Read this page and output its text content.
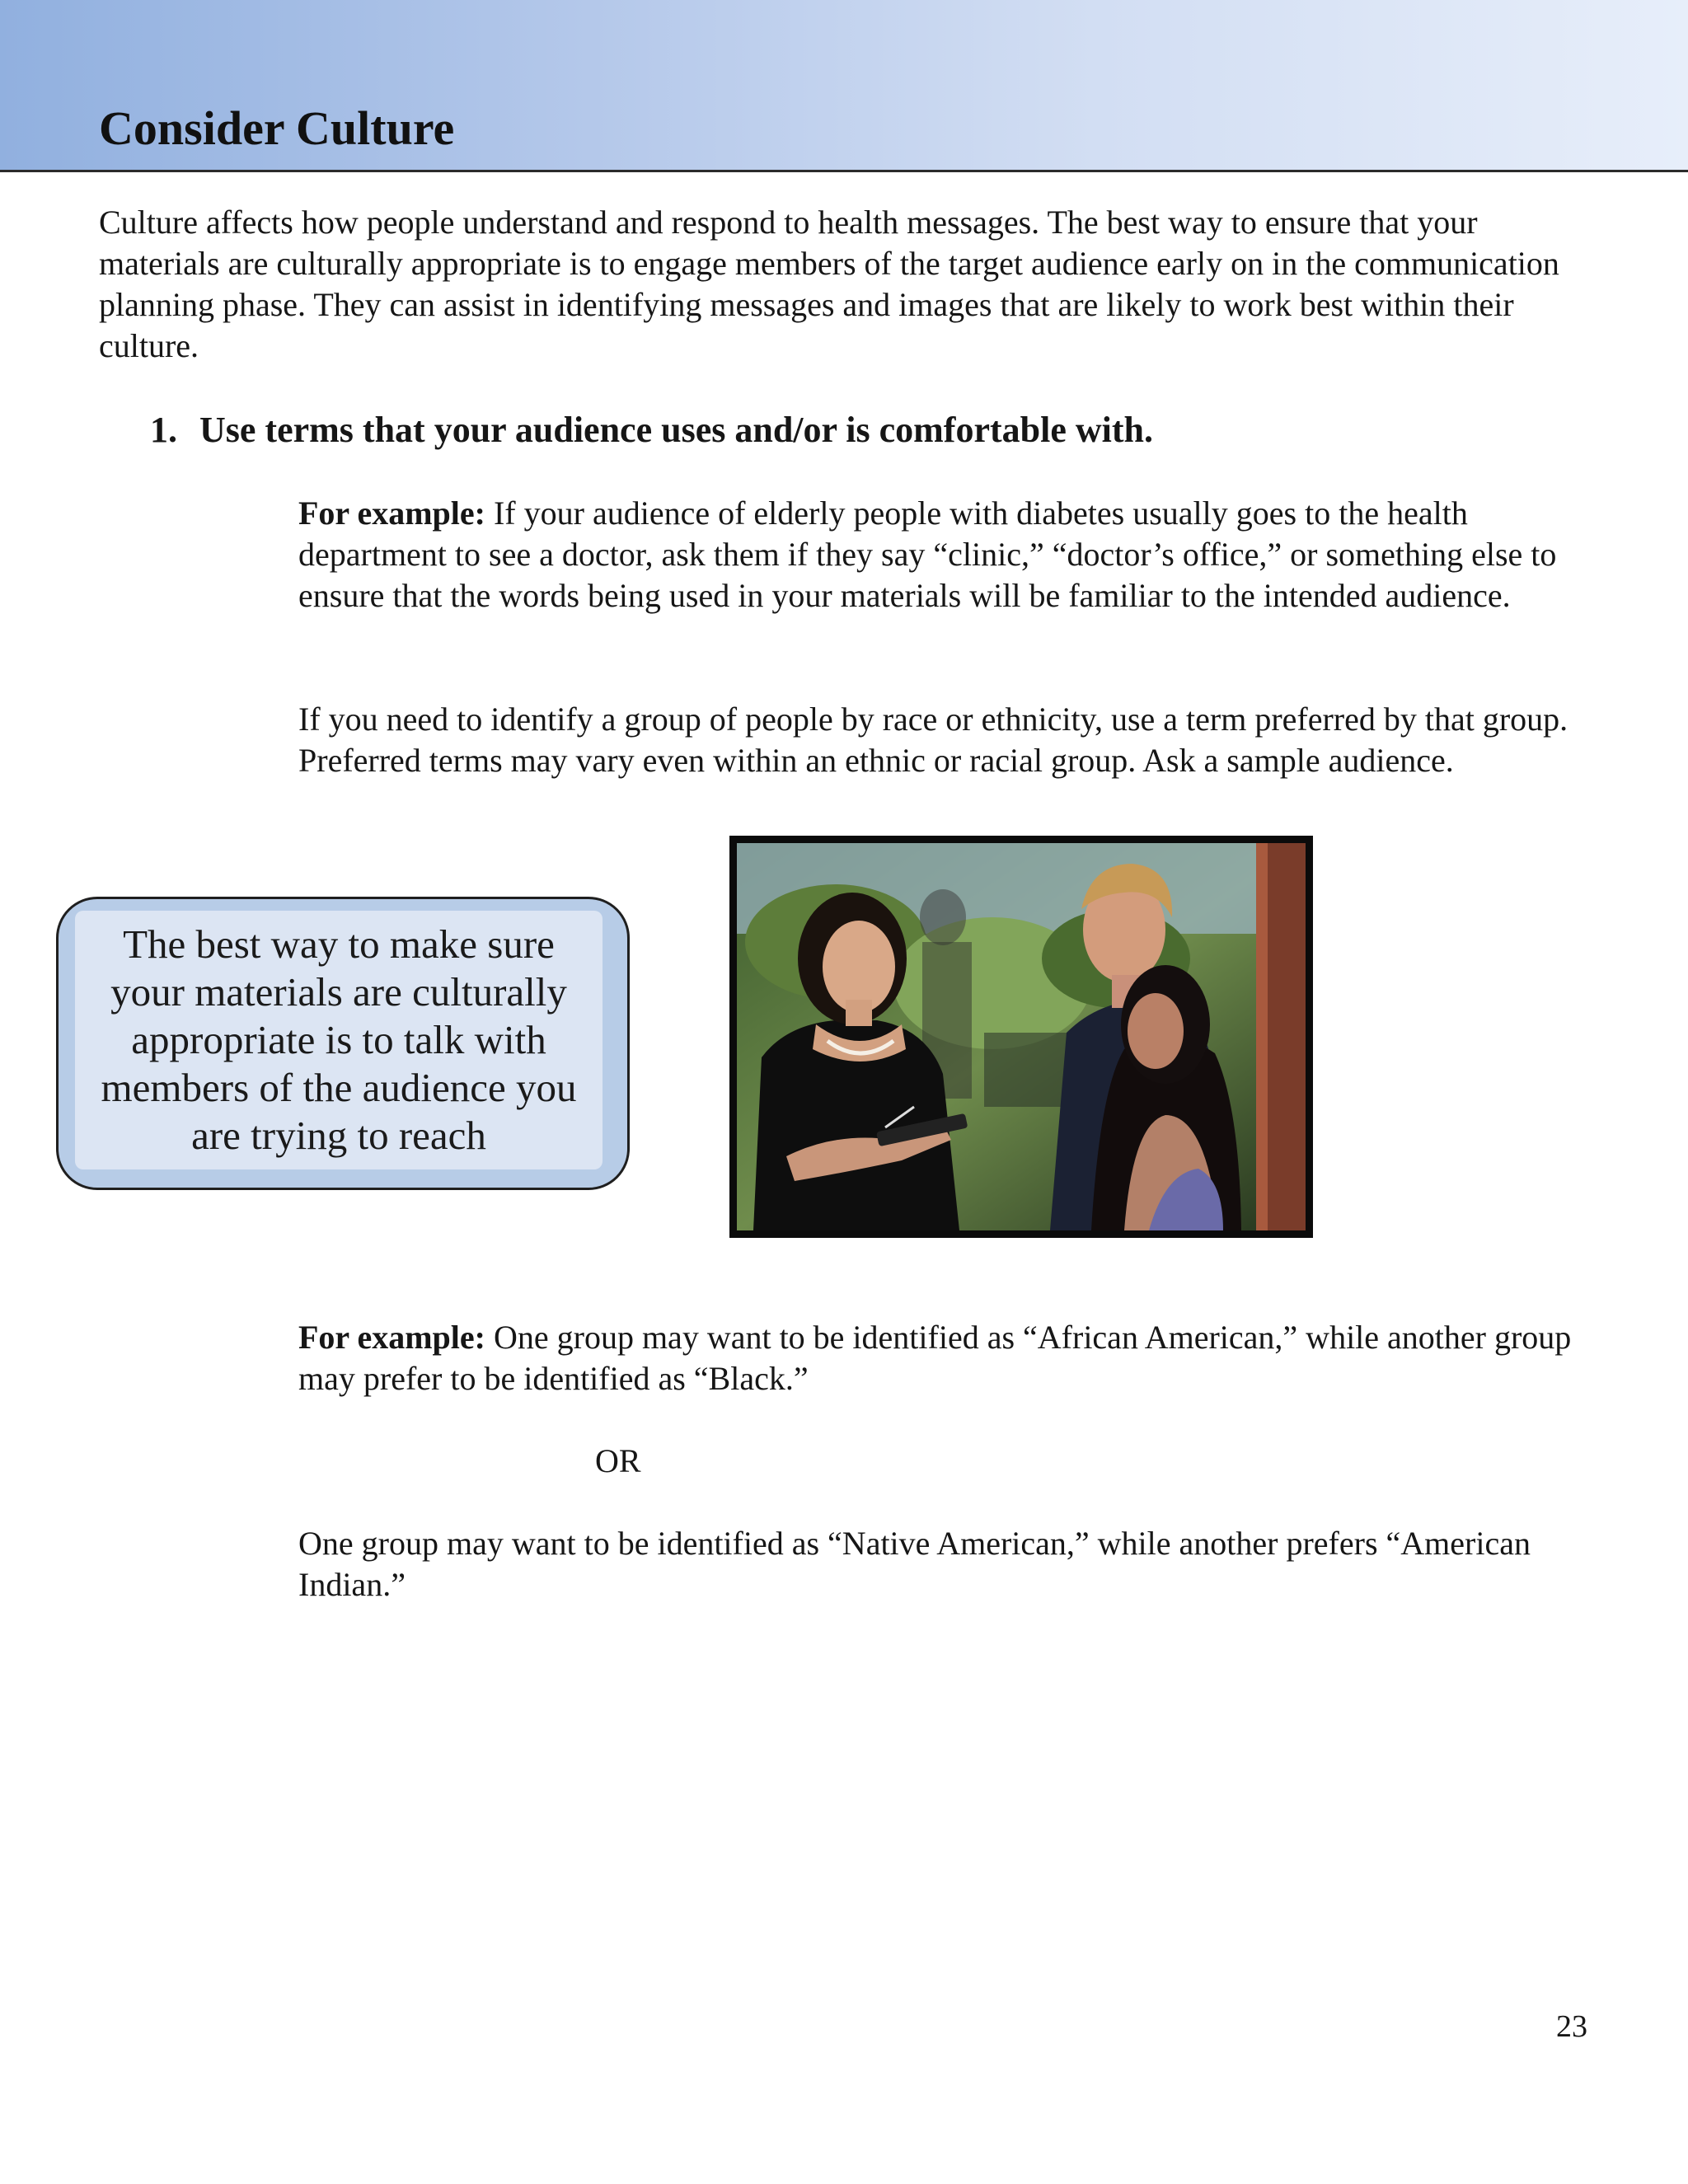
Consider Culture

Culture affects how people understand and respond to health messages. The best way to ensure that your materials are culturally appropriate is to engage members of the target audience early on in the communication planning phase. They can assist in identifying messages and images that are likely to work best within their culture.

1. Use terms that your audience uses and/or is comfortable with.

For example: If your audience of elderly people with diabetes usually goes to the health department to see a doctor, ask them if they say “clinic,” “doctor’s office,” or something else to ensure that the words being used in your materials will be familiar to the intended audience.

If you need to identify a group of people by race or ethnicity, use a term preferred by that group. Preferred terms may vary even within an ethnic or racial group. Ask a sample audience.

The best way to make sure your materials are culturally appropriate is to talk with members of the audience you are trying to reach

For example: One group may want to be identified as “African American,” while another group may prefer to be identified as “Black.”

OR

One group may want to be identified as “Native American,” while another prefers “American Indian.”

23
